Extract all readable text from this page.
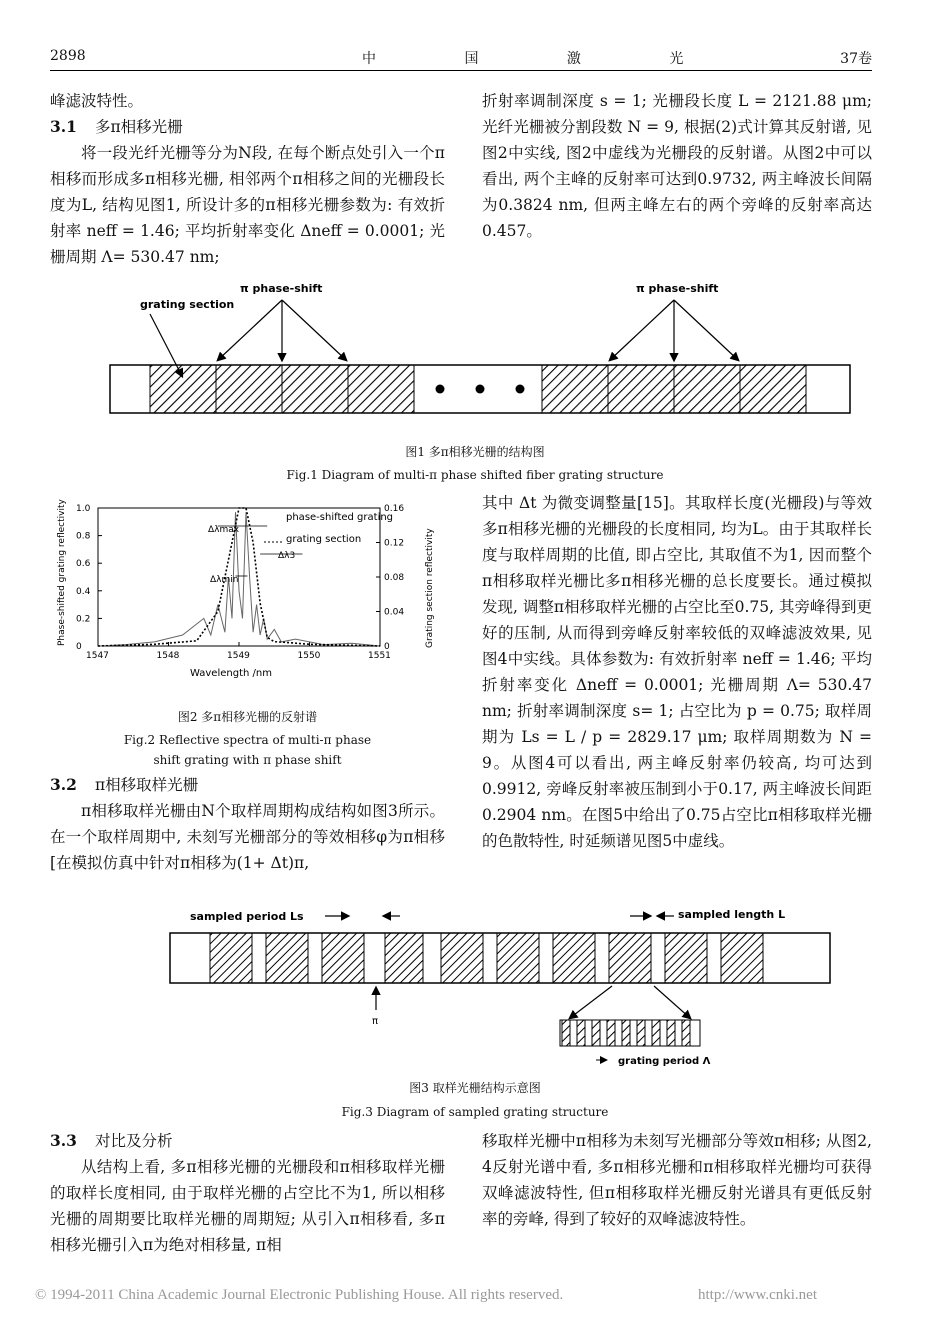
2898	中 国 激 光	37卷

峰滤波特性。

3.1 多π相移光栅

将一段光纤光栅等分为N段, 在每个断点处引入一个π相移而形成多π相移光栅, 相邻两个π相移之间的光栅段长度为L, 结构见图1, 所设计多的π相移光栅参数为: 有效折射率 neff = 1.46; 平均折射率变化 Δneff = 0.0001; 光栅周期 Λ= 530.47 nm;

折射率调制深度 s = 1; 光栅段长度 L = 2121.88 μm; 光纤光栅被分割段数 N = 9, 根据(2)式计算其反射谱, 见图2中实线, 图2中虚线为光栅段的反射谱。从图2中可以看出, 两个主峰的反射率可达到0.9732, 两主峰波长间隔为0.3824 nm, 但两主峰左右的两个旁峰的反射率高达0.457。

grating section
π phase-shift	π phase-shift
图1 多π相移光栅的结构图
Fig.1 Diagram of multi-π phase shifted fiber grating structure
1547	1548	1549	1550	1551
0
0.2
0.4
0.6
0.8
1.0
0
0.04
0.08
0.12
0.16
Phase-shifted grating reflectivity	Grating section reflectivity
Wavelength /nm
phase-shifted grating
grating section
Δλmax
Δλmin
Δλ3
图2 多π相移光栅的反射谱
Fig.2 Reflective spectra of multi-π phase
shift grating with π phase shift

其中 Δt 为微变调整量[15]。其取样长度(光栅段)与等效多π相移光栅的光栅段的长度相同, 均为L。由于其取样长度与取样周期的比值, 即占空比, 其取值不为1, 因而整个π相移取样光栅比多π相移光栅的总长度要长。通过模拟发现, 调整π相移取样光栅的占空比至0.75, 其旁峰得到更好的压制, 从而得到旁峰反射率较低的双峰滤波效果, 见图4中实线。具体参数为: 有效折射率 neff = 1.46; 平均折射率变化 Δneff = 0.0001; 光栅周期 Λ= 530.47 nm; 折射率调制深度 s= 1; 占空比为 p = 0.75; 取样周期为 Ls = L / p = 2829.17 μm; 取样周期数为 N = 9。从图4可以看出, 两主峰反射率仍较高, 均可达到0.9912, 旁峰反射率被压制到小于0.17, 两主峰波长间距0.2904 nm。在图5中给出了0.75占空比π相移取样光栅的色散特性, 时延频谱见图5中虚线。

3.2 π相移取样光栅

π相移取样光栅由N个取样周期构成结构如图3所示。在一个取样周期中, 未刻写光栅部分的等效相移φ为π相移[在模拟仿真中针对π相移为(1+ Δt)π,

sampled period Ls	sampled length L
π
grating period Λ
图3 取样光栅结构示意图
Fig.3 Diagram of sampled grating structure
3.3 对比及分析

从结构上看, 多π相移光栅的光栅段和π相移取样光栅的取样长度相同, 由于取样光栅的占空比不为1, 所以相移光栅的周期要比取样光栅的周期短; 从引入π相移看, 多π相移光栅引入π为绝对相移量, π相

移取样光栅中π相移为未刻写光栅部分等效π相移; 从图2, 4反射光谱中看, 多π相移光栅和π相移取样光栅均可获得双峰滤波特性, 但π相移取样光栅反射光谱具有更低反射率的旁峰, 得到了较好的双峰滤波特性。

© 1994-2011 China Academic Journal Electronic Publishing House. All rights reserved.	http://www.cnki.net
